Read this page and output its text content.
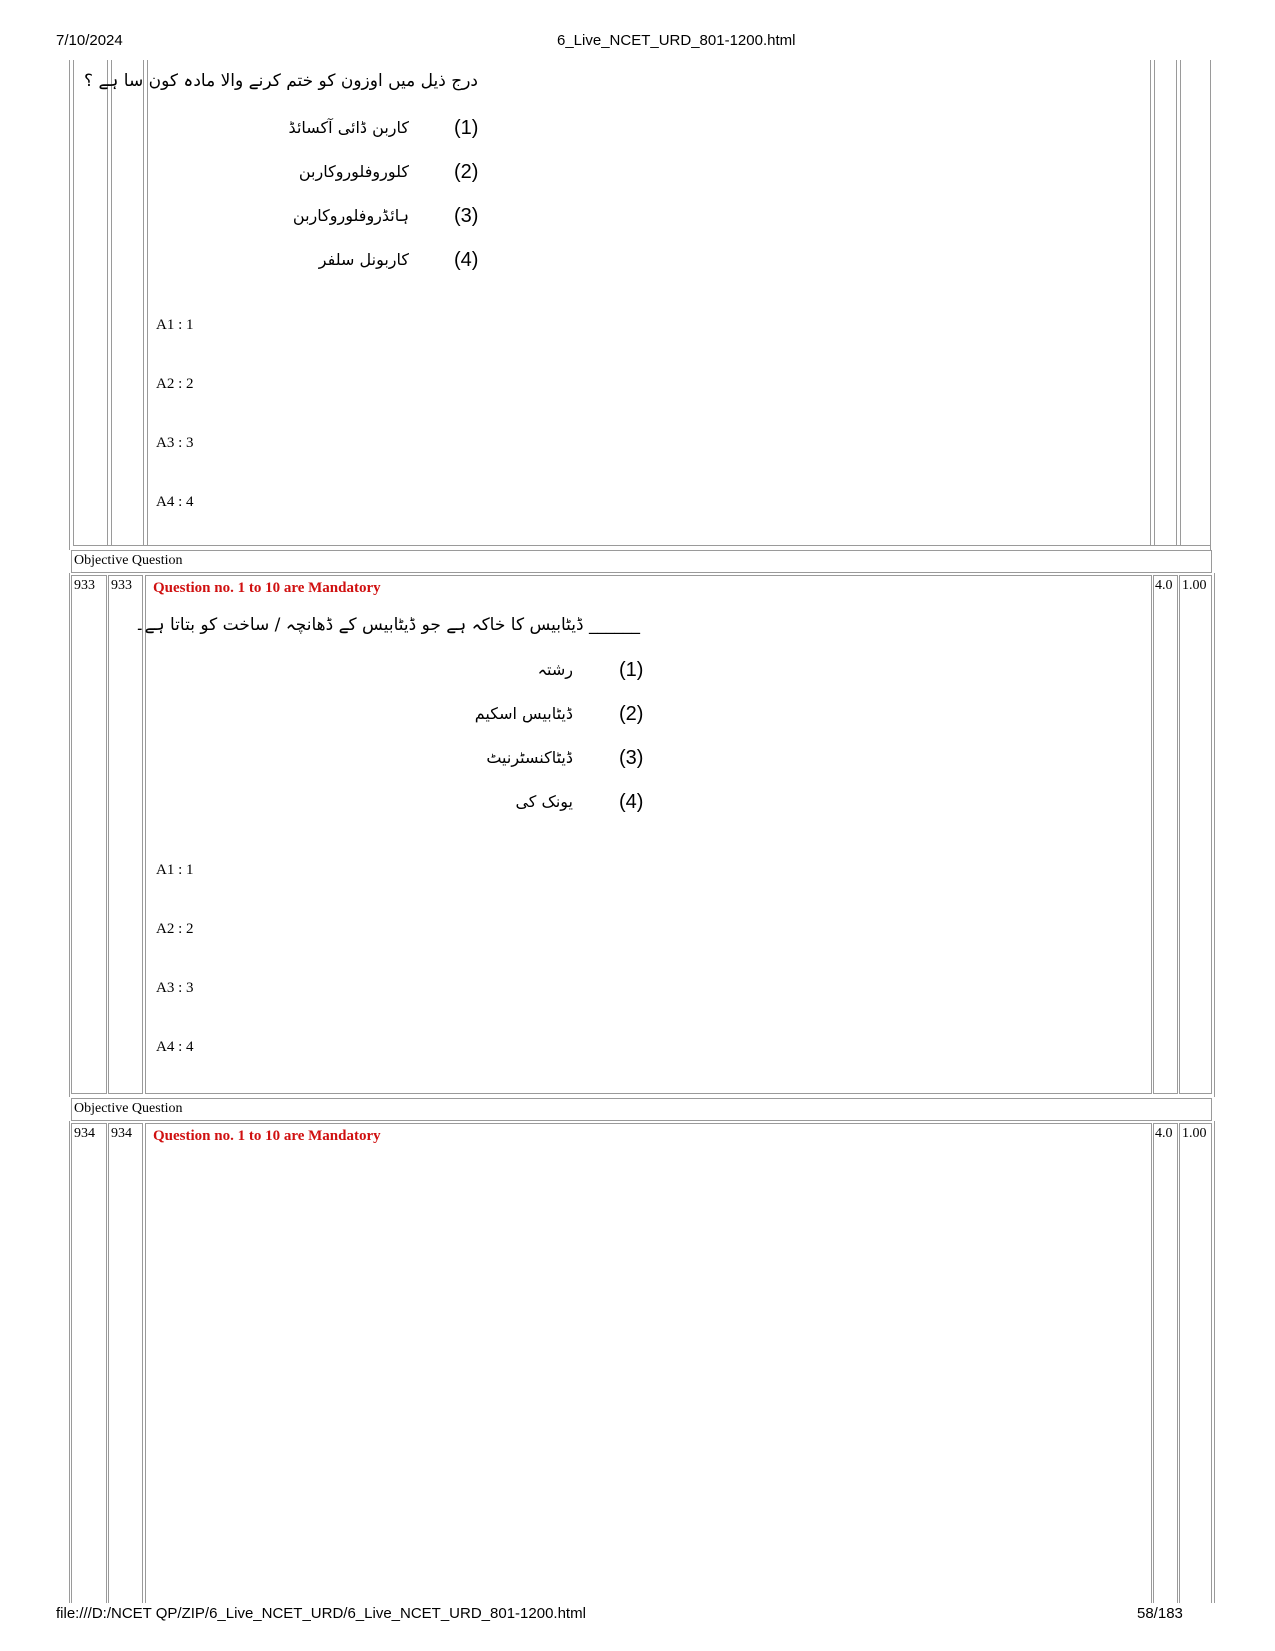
7/10/2024	6_Live_NCET_URD_801-1200.html
file:///D:/NCET QP/ZIP/6_Live_NCET_URD/6_Live_NCET_URD_801-1200.html	58/183
درج ذیل میں اوزون کو ختم کرنے والا مادہ کون سا ہے ؟
(1)
کاربن ڈائی آکسائڈ
(2)
کلوروفلوروکاربن
(3)
ہائڈروفلوروکاربن
(4)
کاربونل سلفر
A1 : 1
A2 : 2
A3 : 3
A4 : 4
Objective Question
933 933 Question no. 1 to 10 are Mandatory	4.0 1.00
______ ڈیٹابیس کا خاکہ ہے جو ڈیٹابیس کے ڈھانچہ / ساخت کو بتاتا ہے۔
(1)
رشتہ
(2)
ڈیٹابیس اسکیم
(3)
ڈیٹاکنسٹرنیٹ
(4)
یونک کی
A1 : 1
A2 : 2
A3 : 3
A4 : 4
Objective Question
934 934 Question no. 1 to 10 are Mandatory	4.0 1.00
